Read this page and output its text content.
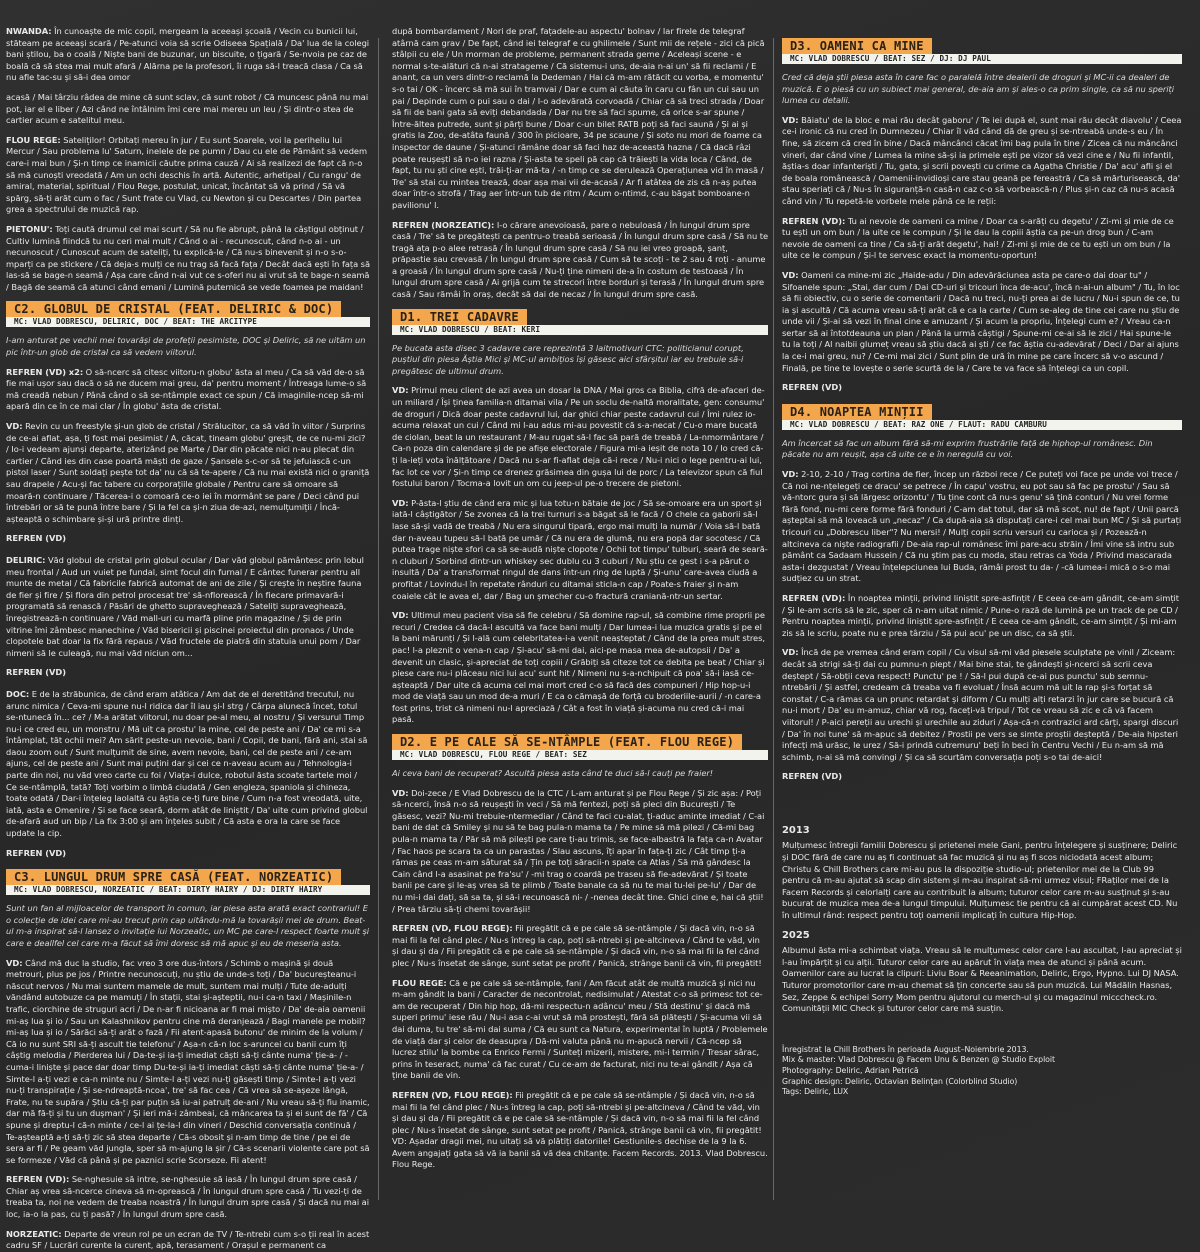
NWANDA: În cunoaște de mic copil, mergeam la aceeași școală / Vecin cu bunicii lui, stăteam pe aceeași scară / Pe-atunci voia să scrie Odiseea Spațială / Da' lua de la colegi bani știlou, ba o coală / Niște bani de buzunar, un biscuite, o țigară / Se-nvoia pe caz de boală că să stea mai mult afară / Alărna pe la profesori, îi ruga să-l treacă clasa / Ca să nu afle tac-su și să-i dea omor

acasă / Mai târziu râdea de mine că sunt sclav, că sunt robot / Că muncesc până nu mai pot, iar el e liber / Azi când ne întâlnim îmi cere mai mereu un leu / Și dintr-o stea de cartier acum e satelitul meu.

FLOU REGE: Sateliților! Orbitați mereu în jur / Eu sunt Soarele, voi la periheliu lui Mercur / Sau problema lu' Saturn, inelele de pe pumn / Dau cu ele de Pământ să vedem care-i mai bun / Și-n timp ce inamicii căutre prima cauză / Ai să realizezi de fapt că n-o să mă cunoști vreodată / Am un ochi deschis în artă. Autentic, arhetipal / Cu rangu' de amiral, material, spiritual / Flou Rege, postulat, unicat, încântat să vă prind / Să vă spărg, să-ți arăt cum o fac / Sunt frate cu Vlad, cu Newton și cu Descartes / Din partea grea a spectrului de muzică rap.

PIETONU': Toți caută drumul cel mai scurt / Să nu fie abrupt, până la câștigul obținut / Cultiv lumină fiindcă tu nu ceri mai mult / Când o ai - recunoscut, când n-o ai - un necunoscut / Cunoscut acum de sateliți, tu explică-le / Că nu-s binevenit și n-o s-o-mparți ca pe stickere / Că deja-s mulți ce nu trag să facă fața / Decât dacă ești în fața să las-să se bage-n seamă / Așa care când n-ai vut ce s-oferi nu ai vrut să te bage-n seamă / Bagă de seamă că atunci când emani / Lumină puternică se vede foamea pe maidan!

C2. GLOBUL DE CRISTAL (FEAT. DELIRIC & DOC)
MC: VLAD DOBRESCU, DELIRIC, DOC / BEAT: THE ARCITYPE

I-am anturat pe vechii mei tovarăși de profeții pesimiste, DOC și Deliric, să ne uităm un pic într-un glob de cristal ca să vedem viitorul.

REFREN (VD) x2: O să-ncerc să citesc viitoru-n globu' ăsta al meu / Ca să văd de-o să fie mai ușor sau dacă o să ne ducem mai greu, da' pentru moment / Întreaga lume-o să mă creadă nebun / Până când o să se-ntâmple exact ce spun / Că imaginile-ncep să-mi apară din ce în ce mai clar / În globu' ăsta de cristal.

VD: Revin cu un freestyle și-un glob de cristal / Strălucitor, ca să văd în viitor / Surprins de ce-ai aflat, așa, ți fost mai pesimist / A, căcat, tineam globu' greșit, de ce nu-mi zici? / Io-i vedeam ajunși departe, aterizând pe Marte / Dar din păcate nici n-au plecat din cartier / Când ies din case poartă măști de gaze / Șansele s-c-or să te jefuiască c-un pistol laser / Sunt soldați pește tot da' nu că să te-apere / Că nu mai există nici o graniță sau drapele / Acu-și fac tabere cu corporațiile globale / Pentru care să omoare să moară-n continuare / Tăcerea-i o comoară ce-o iei în mormânt se pare / Deci când pui întrebări or să te pună între bare / Și la fel ca și-n ziua de-azi, nemulțumiții / Încă-așteaptă o schimbare și-și ură printre dinți.

REFREN (VD)

DELIRIC: Văd globul de cristal prin globul ocular / Dar văd globul pământesc prin lobul meu frontal / Aud un vuiet pe fundal, simt focul din furnal / E cântec funerar pentru all munte de metal / Că fabricile fabrică automat de ani de zile / Și crește în neștire fauna de fier și fire / Și flora din petrol procesat tre' să-nflorească / În fiecare primavară-i programată să renască / Păsări de ghetto supraveghează / Sateliți supraveghează, înregistrează-n continuare / Văd mall-uri cu marfă pline prin magazine / Și de prin vitrine îmi zâmbesc manechine / Văd bisericii și piscinei proiectul din pronaos / Unde clopotele bat doar la fix fără repaus / Văd fructele de piatră din statuia unui pom / Dar nimeni să le culeagă, nu mai văd niciun om...

REFREN (VD)

DOC: E de la străbunica, de când eram atâtica / Am dat de el deretitând trecutul, nu arunc nimica / Ceva-mi spune nu-l ridica dar îl iau și-l strg / Cârpa alunecă încet, totul se-ntunecă în... ce? / M-a arătat viitorul, nu doar pe-al meu, al nostru / Și versurul Timp nu-i ce cred eu, un monstru / Mă uit ca prostu' la mine, cel de peste ani / Da' ce mi s-a întâmplat, tăt ochii mei? Am sărit peste-un nevoie, bani / Copii, de bani, fără ani, stai să daou zoom out / Sunt mulțumit de sine, avem nevoie, bani, cel de peste ani / ce-am ajuns, cel de peste ani / Sunt mai puțini dar și cei ce n-aveau acum au / Tehnologia-i parte din noi, nu văd vreo carte cu foi / Viața-i dulce, robotul ăsta scoate tartele moi / Ce se-ntâmplă, tată? Toți vorbim o limbă ciudată / Gen engleza, spaniola și chineza, toate odată / Dar-i înțeleg laolaltă cu ăștia ce-ți fure bine / Cum n-a fost vreodată, uite, iată, asta e Omenire / Și se face seară, dorm atât de liniștit / Da' uite cum privind globul de-afară aud un bip / La fix 3:00 și am înțeles subit / Că asta e ora la care se face update la cip.

REFREN (VD)

C3. LUNGUL DRUM SPRE CASĂ (FEAT. NORZEATIC)
MC: VLAD DOBRESCU, NORZEATIC / BEAT: DIRTY HAIRY / DJ: DIRTY HAIRY

Sunt un fan al mijloacelor de transport în comun, iar piesa asta arată exact contrariul! E o colecție de idei care mi-au trecut prin cap uitându-mă la tovarășii mei de drum. Beat-ul m-a inspirat să-l lansez o invitație lui Norzeatic, un MC pe care-l respect foarte mult și care e deallfel cel care m-a făcut să îmi doresc să mă apuc și eu de meseria asta.

VD: Când mă duc la studio, fac vreo 3 ore dus-întors / Schimb o mașină și două metrouri, plus pe jos / Printre necunoscuți, nu știu de unde-s toți / Da' bucureșteanu-i născut nervos / Nu mai suntem mamele de mult, suntem mai mulți / Tute de-adulți văndând autobuze ca pe mamuți / În stații, stai și-așteptii, nu-i ca-n taxi / Mașinile-n trafic, ciorchine de struguri acri / De n-ar fi nicioana ar fi mai mișto / Da' de-aia oamenii mi-aș lua și io / Sau un Kalashnikov pentru cine mă deranjează / Bagi manele pe mobil? mi-aș lua și io / Sărăci să-ți arăt o fază / Fii atent-apasă butonu' de minim de la volum / Că io nu sunt SRI să-ți ascult tie telefonu' / Așa-n că-n loc s-aruncei cu banii cum îți câștig melodia / Pierderea lui / Da-te-și ia-ți imediat căști să-ți cânte numa' ție-a- / -cuma-i liniște și pace dar doar timp Du-te-și ia-ți imediat căști să-ți cânte numa' ție-a- / Simte-l a-ți vezi e ca-n minte nu / Simte-l a-ți vezi nu-ți găsești timp / Simte-l a-ți vezi nu-ți transpirație / Și se-ndreaptă-ncoa', tre' să fac cea / Că vrea să se-așeze lângă, Frate, nu te supăra / Știu că-ți par puțin să iu-ai patrulț de-ani / Nu vreau să-ți fiu inamic, dar mă fă-ți și tu un dușman' / Și ieri mă-i zâmbeai, că mâncarea ta și ei sunt de fă' / Că spune și dreptu-l că-n minte / ce-l ai țe-la-l din vineri / Deschid conversația continuă / Te-așteaptă a-ți să-ți zic să stea departe / Că-s obosit și n-am timp de tine / pe ei de sera ar fi / Pe geam văd jungla, sper să m-ajung la șir / Că-s scenarii violente care pot să se formeze / Văd că până și pe paznici scrie Scorseze. Fii atent!

REFREN (VD): Se-nghesuie să intre, se-nghesuie să iasă / În lungul drum spre casă / Chiar aș vrea să-ncerce cineva să m-oprească / În lungul drum spre casă / Tu vezi-ți de treaba ta, noi ne vedem de treaba noastră / În lungul drum spre casă / Și dacă nu mai ai loc, ia-o la pas, cu ți pasă? / În lungul drum spre casă.

NORZEATIC: Departe de vreun rol pe un ecran de TV / Te-ntrebi cum s-o ții real în acest cadru SF / Lucrări curente la curent, apă, terasament / Orașul e permanent ca

după bombardament / Nori de praf, fațadele-au aspectu' bolnav / Iar firele de telegraf atârnă cam grav / De fapt, când iei telegraf e cu ghilimele / Sunt mii de rețele - zici că pică stâlpii cu ele / Un morman de probleme, permanent strada geme / Aceleași scene - e normal s-te-alături că n-ai stratageme / Că sistemu-i uns, de-aia n-ai un' să fii reclami / E anant, ca un vers dintr-o reclamă la Dedeman / Hai că m-am rătăcit cu vorba, e momentu' s-o tai / OK - încerc să mă sui în tramvai / Dar e cum ai căuta în caru cu fân un cui sau un pai / Depinde cum o pui sau o dai / I-o adevărată corvoadă / Chiar că să treci strada / Doar să fii de bani gata să eviți debandada / Dar nu tre să faci spume, că orice s-ar spune / Între-ăltea putrede, sunt și părți bune / Doar c-un bilet RATB poți să faci saună / Și ai și gratis la Zoo, de-atâta faună / 300 în picioare, 34 pe scaune / Și soto nu mori de foame ca inspector de daune / Și-atunci rămâne doar să faci haz de-această hazna / Că dacă râzi poate reușești să n-o iei razna / Și-asta te speli pă cap că trăiești la vida loca / Când, de fapt, tu nu ști cine ești, trăi-ți-ar mă-ta / -n timp ce se derulează Operațiunea vid în masă / Tre' să stai cu mintea trează, doar așa mai vii de-acasă / Ar fi atâtea de zis că n-aș putea doar într-o strofă / Trag aer într-un tub de ritm / Acum o-ntimd, c-au băgat bomboane-n pavilionu' l.

REFREN (NORZEATIC): I-o cărare anevoioasă, pare o nebuloasă / În lungul drum spre casă / Tre' să te pregătești ca pentru-o treabă serioasă / În lungul drum spre casă / Să nu te tragă ața p-o alee retrasă / În lungul drum spre casă / Să nu iei vreo groapă, șanț, prăpastie sau crevasă / În lungul drum spre casă / Cum să te scoți - te 2 sau 4 roți - anume a groasă / În lungul drum spre casă / Nu-ți ține nimeni de-a în costum de testoasă / În lungul drum spre casă / Ai grijă cum te strecori între borduri și terasă / În lungul drum spre casă / Sau rămâi în oraș, decât să dai de necaz / În lungul drum spre casă.

D1. TREI CADAVRE
MC: VLAD DOBRESCU / BEAT: KERI

Pe bucata asta disec 3 cadavre care reprezintă 3 laitmotivuri CTC: politicianul corupt, puștiul din piesa Ăștia Mici și MC-ul ambițios își găsesc aici sfârșitul iar eu trebuie să-i pregătesc de ultimul drum.

VD: Primul meu client de azi avea un dosar la DNA / Mai gros ca Biblia, cifră de-afaceri de-un miliard / Își ținea familia-n ditamai vila / Pe un soclu de-naltă moralitate, gen: consumu' de droguri / Dică doar peste cadavrul lui, dar ghici chiar peste cadavrul cui / Îmi rulez io-acuma relaxat un cui / Când mi l-au adus mi-au povestit că s-a-necat / Cu-o mare bucată de ciolan, beat la un restaurant / M-au rugat să-l fac să pară de treabă / La-nmormântare / Ca-n poza din calendare și de pe afișe electorale / Figura mi-a ieșit de nota 10 / Io cred că-ți la-ieți votа înălțătoare / Dacă nu s-ar fi-aflat deja că-i rece / Nu-i nici o lege pentru-ai lui, fac lot ce vor / Și-n timp ce drenez grăsimea din gușa lui de porc / La televizor spun că fiul fostului baron / Tocma-a lovit un om cu jeep-ul pe-o trecere de pietoni.

VD: P-ăsta-l știu de când era mic și lua totu-n bătaie de joc / Să se-omoare era un sport și iată-l câștigător / Se zvonea că la trei turnuri s-a băgat să le facă / O chele ca gaborii să-l lase să-și vadă de treabă / Nu era singurul tipară, ergo mai mulți la număr / Voia să-l bată dar n-aveau tupeu să-l bată pe umăr / Că nu era de glumă, nu era popă dar socotesc / Că putea trage niște sfori ca să se-audă niște clopote / Ochii tot timpu' tulburi, seară de seară-n cluburi / Sorbind dintr-un whiskey sec dublu cu 3 cuburi / Nu știu ce gest i s-a părut o insultă / Da' a transformat ringul de dans într-un ring de luptă / Și-unu' care-avea ciudă a profitat / Lovindu-l în repetate rânduri cu ditamai sticla-n cap / Poate-s fraier și n-am coaiele cât le avea el, dar / Bag un șmecher cu-o fractură craniană-ntr-un sertar.

VD: Ultimul meu pacient visa să fie celebru / Să domine rap-ul, să combine rime proprii pe recuri / Credea că dacă-l ascultă va face bani mulți / Dar lumea-i lua muzica gratis și pe el la bani mărunți / Și l-ală cum celebritatea-i-a venit neașteptat / Când de la prea mult stres, pac! l-a pleznit o vena-n cap / Și-acu' să-mi dai, aici-pe masa mea de-autopsii / Da' a devenit un clasic, și-apreciat de toți copiii / Grăbiți să citeze tot ce debita pe beat / Chiar și piese care nu-i plăceau nici lui acu' sunt hit / Nimeni nu s-a-nchipuit că poa' să-i iasă ce-așteaptă / Dar uite că acuma cel mai mort cred c-o să facă des compuneri / Hip hop-u-i mod de viață sau un mod de-a muri / E ca o cămașă de forță cu broderiile-aurii / -n care-a fost prins, trist că nimeni nu-l apreciază / Cât a fost în viață și-acuma nu cred că-i mai pasă.

D2. E PE CALE SĂ SE-NTÂMPLE (FEAT. FLOU REGE)
MC: VLAD DOBRESCU, FLOU REGE / BEAT: SEZ

Ai ceva bani de recuperat? Ascultă piesa asta când te duci să-l cauți pe fraier!

VD: Doi-zece / E Vlad Dobrescu de la CTC / L-am anturat și pe Flou Rege / Și zic așa: / Poți să-ncerci, însă n-o să reușești în veci / Să mă fentezi, poți să pleci din București / Te găsesc, vezi? Nu-mi trebuie-ntermediar / Când te faci cu-alat, ți-aduc aminte imediat / C-ai bani de dat că Smiley și nu să te bag pula-n mama ta / Pe mine să mă pilezi / Că-mi bag pula-n mama ta / Păr să mă pilești pe care ți-au trimis, se face-albastră la fața ca-n Avatar / Fac haos pe scara ta ca un parastas / Slau ascuns, îți apar în fața-ți zic / Cât timp ți-a rămas pe ceas m-am sâturat să / Țin pe toți săracii-n spate ca Atlas / Să mă gândesc la Cain când l-a asasinat pe fra'su' / -mi trag o coardă pe traseu să fie-adevărat / Și toate banii pe care și le-aș vrea să te plimb / Toate banale ca să nu te mai tu-lei pe-lu' / Dar de nu mi-i dai dați, să sa ta, și să-i recunoască ni- / -nenea decât tine. Ghici cine e, hai că știi! / Prea târziu să-ți chemi tovarășii!

REFREN (VD, FLOU REGE): Fii pregătit că e pe cale să se-ntâmple / Și dacă vin, n-o să mai fii la fel când plec / Nu-s întreg la cap, poți să-ntrebi și pe-altcineva / Când te văd, vin și dau și da / Fii pregătit că e pe cale să se-ntâmple / Și dacă vin, n-o să mai fii la fel când plec / Nu-s însetat de sânge, sunt setat pe profit / Panică, strânge banii că vin, fii pregătit!

FLOU REGE: Că e pe cale să se-ntâmple, fani / Am făcut atât de multă muzică și nici nu m-am gândit la bani / Caracter de necontrolat, nedisimulat / Atestat c-o să primesc tot ce-am de recuperat / Din hip hop, dă-mi respectu-n adâncu' meu / Stă destinu' și dacă mă superi primu' iese rău / Nu-i asa c-ai vrut să mă prostești, fără să plătești / Și-acuma vii să dai duma, tu tre' să-mi dai suma / Că eu sunt ca Natura, experimental în luptă / Problemele de viață dar și celor de deasupra / Dă-mi valuta până nu m-apucă nervii / Că-ncep să lucrez stilu' la bombe ca Enrico Fermi / Sunteți mizerii, mistere, mi-i termin / Tresar sârac, prins în teseract, numa' că fac curat / Cu ce-am de facturat, nici nu te-ai gândit / Așa că ține banii de vin.

REFREN (VD, FLOU REGE): Fii pregătit că e pe cale să se-ntâmple / Și dacă vin, n-o să mai fii la fel când plec / Nu-s întreg la cap, poți să-ntrebi și pe-altcineva / Când te văd, vin și dau și da / Fii pregătit că e pe cale să se-ntâmple / Și dacă vin, n-o să mai fii la fel când plec / Nu-s însetat de sânge, sunt setat pe profit / Panică, strânge banii că vin, fii pregătit! VD: Așadar dragii mei, nu uitați să vă plătiți datoriile! Gestiunile-s dechise de la 9 la 6. Avem angajați gata să vă ia banii să vă dea chitanțe. Facem Records. 2013. Vlad Dobrescu. Flou Rege.

D3. OAMENI CA MINE
MC: VLAD DOBRESCU / BEAT: SEZ / DJ: DJ PAUL

Cred că deja știi piesa asta în care fac o paralelă între dealerii de droguri și MC-ii ca dealeri de muzică. E o piesă cu un subiect mai general, de-aia am și ales-o ca prim single, ca să nu speriți lumea cu detalii.

VD: Băiatu' de la bloc e mai rău decât gaboru' / Te iei după el, sunt mai rău decât diavolu' / Ceea ce-i ironic că nu cred în Dumnezeu / Chiar îl văd când dă de greu și se-ntreabă unde-s eu / În fine, să zicem că cred în bine / Dacă mâncânci căcat îmi bag pula în tine / Zicea că nu mâncânci vineri, dar când vine / Lumea la mine să-și ia primele ești pe vizor să vezi cine e / Nu fii infantil, ăștia-s doar infanteriști / Tu, gata, și scrii povești cu crime ca Agatha Christie / Da' acu' afli și el de boala românească / Oamenii-invidioși care stau geană pe fereastră / Ca să mărturisească, da' stau speriați că / Nu-s în siguranță-n casă-n caz c-o să vorbească-n / Plus și-n caz că nu-s acasă când vin / Tu repetă-le vorbele mele până ce le reții:

REFREN (VD): Tu ai nevoie de oameni ca mine / Doar ca s-arăți cu degetu' / Zi-mi și mie de ce tu ești un om bun / la uite ce le compun / Și le dau la copiii ăștia ca pe-un drog bun / C-am nevoie de oameni ca tine / Ca să-ți arăt degetu', hai! / Zi-mi și mie de ce tu ești un om bun / la uite ce le compun / Și-l te servesc exact la momentu-oportun!

VD: Oameni ca mine-mi zic „Haide-adu / Din adevărăciunea asta pe care-o dai doar tu" / Sifoanele spun: „Stai, dar cum / Dai CD-uri și tricouri înca de-acu', încă n-ai-un album" / Tu, în loc să fii obiectiv, cu o serie de comentarii / Dacă nu treci, nu-ți prea ai de lucru / Nu-i spun de ce, tu ia și ascultă / Că acuma vreau să-ți arăt că e ca la carte / Cum se-aleg de tine cei care nu știu de unde vii / Și-ai să vezi în final cine e amuzant / Și acum la propriu, Înțelegi cum e? / Vreau ca-n sertar să ai întotdeauna un plan / Până la urmă câștigi / Spune-mi ce-ai să le zici / Hai spune-le tu la toți / Al naibii glumeț vreau să știu dacă ai ști / ce fac ăștia cu-adevărat / Deci / Dar ai ajuns la ce-i mai greu, nu? / Ce-mi mai zici / Sunt plin de ură în mine pe care încerc să v-o ascund / Finală, pe tine te lovește o serie scurtă de la / Care te va face să înțelegi ca un copil.

REFREN (VD)

D4. NOAPTEA MINȚII
MC: VLAD DOBRESCU / BEAT: RAZ ONE / FLAUT: RADU CAMBURU

Am încercat să fac un album fără să-mi exprim frustrările față de hiphop-ul românesc. Din păcate nu am reușit, așa că uite ce e în neregulă cu voi.

VD: 2-10, 2-10 / Trag cortina de fier, încep un război rece / Ce puteți voi face pe unde voi trece / Că noi ne-nțelegeți ce dracu' se petrece / În capu' vostru, eu pot sau să fac pe prostu' / Sau să vă-ntorc gura și să lărgesc orizontu' / Tu ține cont că nu-s genu' să țină conturi / Nu vrei forme fără fond, nu-mi cere forme fără fonduri / C-am dat totul, dar să mă scot, nu! de fapt / Unii parcă așteptai să mă loveacă un „necaz" / Ca după-aia să disputați care-i cel mai bun MC / Și să purtați tricouri cu „Dobrescu liber"? Nu mersi! / Mulți copii scriu versuri cu carioca și / Pozează-n altcineva ca niște radiografii / De-aia rap-ul românesc îmi pare-acu străin / Îmi vine să intru sub pământ ca Sadaam Hussein / Că nu știm pas cu moda, stau retras ca Yoda / Privind mascarada asta-i dezgustat / Vreau înțelepciunea lui Buda, rămâi prost tu da- / -că lumea-i mică o s-o mai sudțiez cu un strat.

REFREN (VD): În noaptea minții, privind liniștit spre-asfințit / E ceea ce-am gândit, ce-am simțit / Și le-am scris să le zic, sper că n-am uitat nimic / Pune-o rază de lumină pe un track de pe CD / Pentru noaptea minții, privind liniștit spre-asfințit / E ceea ce-am gândit, ce-am simțit / Și mi-am zis să le scriu, poate nu e prea târziu / Să pui acu' pe un disc, ca să știi.

VD: Încă de pe vremea când eram copil / Cu visul să-mi văd piesele sculptate pe vinil / Ziceam: decât să strigi să-ți dai cu pumnu-n piept / Mai bine stai, te gândești și-ncerci să scrii ceva deștept / Să-obții ceva respect! Punctu' pe ! / Să-l pui după ce-ai pus punctu' sub semnu-ntrebării / Și astfel, credeam că treaba va fi evoluat / Însă acum mă uit la rap și-s forțat să constat / C-a rămas ca un prunc retardat și diform / Cu mulți alți retarzi în jur care se bucură că nu-i mort / Da' eu m-amuz, chiar vă rog, faceți-vă tripul / Tot ce vreau să zic e că vă facem viitorul! / P-aici pereții au urechi și urechile au ziduri / Așa-că-n contrazici ard cărți, spargi discuri / Da' în noi tune' să m-apuc să debitez / Prostii pe vers se simte proștii deșteptă / De-aia hipsteri infecți mă urăsc, le urez / Să-i prindă cutremuru' beți în beci în Centru Vechi / Eu n-am să mă schimb, n-ai să mă convingi / Și ca să scurtăm conversația poți s-o tai de-aici!

REFREN (VD)

2013

Mulțumesc întregii familii Dobrescu și prietenei mele Gani, pentru înțelegere și susținere; Deliric și DOC fără de care nu aș fi continuat să fac muzică și nu aș fi scos niciodată acest album; Christu & Chill Brothers care mi-au pus la dispoziție studio-ul; prietenilor mei de la Club 99 pentru că m-au ajutat să scap din sistem și m-au inspirat să-mi urmez visul; FRaților mei de la Facem Records și celorlalți care au contribuit la album; tuturor celor care m-au susținut și s-au bucurat de muzica mea de-a lungul timpului. Mulțumesc tie pentru că ai cumpărat acest CD. Nu în ultimul rând: respect pentru toți oamenii implicați în cultura Hip-Hop.

2025

Albumul ăsta mi-a schimbat viața. Vreau să le mulțumesc celor care l-au ascultat, l-au apreciat și l-au împărțit și cu alții. Tuturor celor care au apărut în viața mea de atunci și până acum. Oamenilor care au lucrat la clipuri: Liviu Boar & Reeanimation, Deliric, Ergo, Hypno. Lui DJ NASA. Tuturor promotorilor care m-au chemat să țin concerte sau să pun muzică. Lui Mădălin Hasnas, Sez, Zeppe & echipei Sorry Mom pentru ajutorul cu merch-ul și cu magazinul micccheck.ro. Comunității MIC Check și tuturor celor care mă susțin.

Înregistrat la Chill Brothers în perioada August–Noiembrie 2013.
Mix & master: Vlad Dobrescu @ Facem Unu & Benzen @ Studio Exploit
Photography: Deliric, Adrian Petrică
Graphic design: Deliric, Octavian Belinţan (Colorblind Studio)
Tags: Deliric, LUX
